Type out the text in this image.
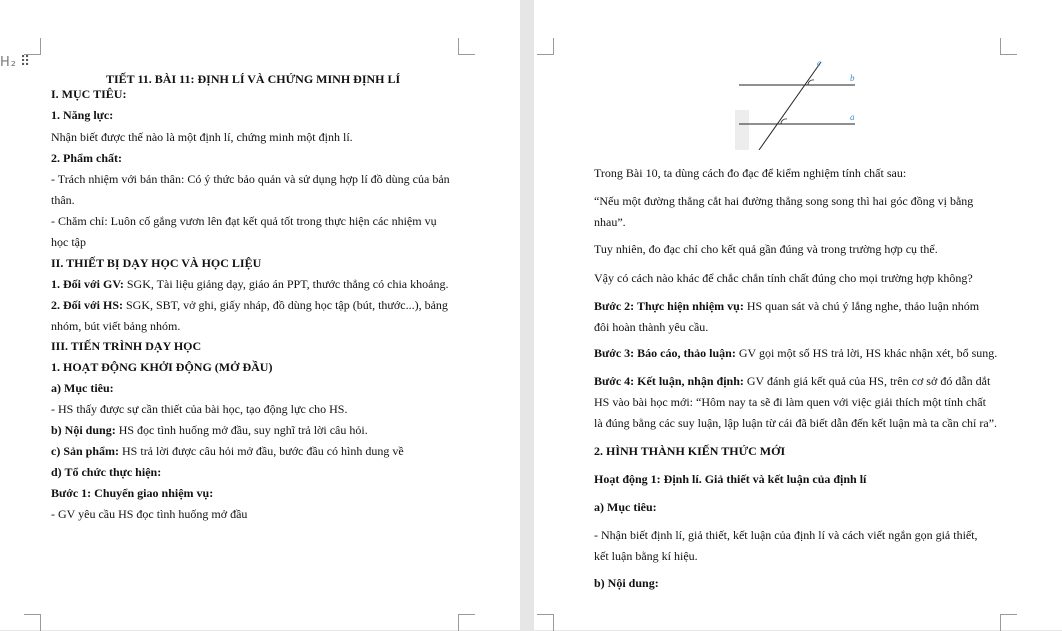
H₂ ⠿
TIẾT 11. BÀI 11: ĐỊNH LÍ VÀ CHỨNG MINH ĐỊNH LÍ
I. MỤC TIÊU:
1. Năng lực:
Nhận biết được thế nào là một định lí, chứng minh một định lí.
2. Phẩm chất:
- Trách nhiệm với bản thân: Có ý thức bảo quản và sử dụng hợp lí đồ dùng của bản
thân.
- Chăm chỉ: Luôn cố gắng vươn lên đạt kết quả tốt trong thực hiện các nhiệm vụ
học tập
II. THIẾT BỊ DẠY HỌC VÀ HỌC LIỆU
1. Đối với GV: SGK, Tài liệu giảng dạy, giáo án PPT, thước thẳng có chia khoảng.
2. Đối với HS: SGK, SBT, vở ghi, giấy nháp, đồ dùng học tập (bút, thước...), bảng
nhóm, bút viết bảng nhóm.
III. TIẾN TRÌNH DẠY HỌC
1. HOẠT ĐỘNG KHỞI ĐỘNG (MỞ ĐẦU)
a) Mục tiêu:
- HS thấy được sự cần thiết của bài học, tạo động lực cho HS.
b) Nội dung: HS đọc tình huống mở đầu, suy nghĩ trả lời câu hỏi.
c) Sản phẩm: HS trả lời được câu hỏi mở đầu, bước đầu có hình dung về
d) Tổ chức thực hiện:
Bước 1: Chuyển giao nhiệm vụ:
- GV yêu cầu HS đọc tình huống mở đầu
c
b
a
Trong Bài 10, ta dùng cách đo đạc để kiểm nghiệm tính chất sau:
“Nếu một đường thẳng cắt hai đường thẳng song song thì hai góc đồng vị bằng
nhau”.
Tuy nhiên, đo đạc chỉ cho kết quả gần đúng và trong trường hợp cụ thể.
Vậy có cách nào khác để chắc chắn tính chất đúng cho mọi trường hợp không?
Bước 2: Thực hiện nhiệm vụ: HS quan sát và chú ý lắng nghe, thảo luận nhóm
đôi hoàn thành yêu cầu.
Bước 3: Báo cáo, thảo luận: GV gọi một số HS trả lời, HS khác nhận xét, bổ sung.
Bước 4: Kết luận, nhận định: GV đánh giá kết quả của HS, trên cơ sở đó dẫn dắt
HS vào bài học mới: “Hôm nay ta sẽ đi làm quen với việc giải thích một tính chất
là đúng bằng các suy luận, lập luận từ cái đã biết dẫn đến kết luận mà ta cần chỉ ra”.
2. HÌNH THÀNH KIẾN THỨC MỚI
Hoạt động 1: Định lí. Giả thiết và kết luận của định lí
a) Mục tiêu:
- Nhận biết định lí, giả thiết, kết luận của định lí và cách viết ngắn gọn giả thiết,
kết luận bằng kí hiệu.
b) Nội dung:
